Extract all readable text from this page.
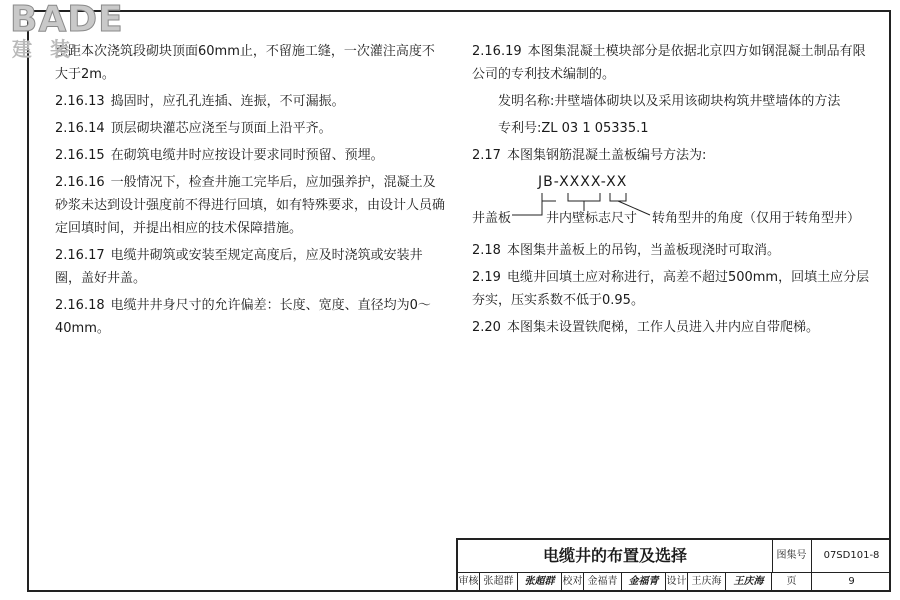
BADE
建装
至距本次浇筑段砌块顶面60mm止，不留施工缝，一次灌注高度不大于2m。
2.16.13 捣固时，应孔孔连插、连振，不可漏振。
2.16.14 顶层砌块灌芯应浇至与顶面上沿平齐。
2.16.15 在砌筑电缆井时应按设计要求同时预留、预埋。
2.16.16 一般情况下，检查井施工完毕后，应加强养护，混凝土及砂浆未达到设计强度前不得进行回填，如有特殊要求，由设计人员确定回填时间，并提出相应的技术保障措施。
2.16.17 电缆井砌筑或安装至规定高度后，应及时浇筑或安装井圈，盖好井盖。
2.16.18 电缆井井身尺寸的允许偏差：长度、宽度、直径均为0～40mm。
2.16.19 本图集混凝土模块部分是依据北京四方如钢混凝土制品有限公司的专利技术编制的。
发明名称:井壁墙体砌块以及采用该砌块构筑井壁墙体的方法
专利号:ZL 03 1 05335.1
2.17 本图集钢筋混凝土盖板编号方法为:
JB-XXXX-XX
井盖板	井内壁标志尺寸 转角型井的角度（仅用于转角型井）
2.18 本图集井盖板上的吊钩，当盖板现浇时可取消。
2.19 电缆井回填土应对称进行，高差不超过500mm，回填土应分层夯实，压实系数不低于0.95。
2.20 本图集未设置铁爬梯，工作人员进入井内应自带爬梯。
电缆井的布置及选择	图集号	07SD101-8
审核 张超群	张超群 校对 金福青	金福青 设计 王庆海	王庆海	页	9
